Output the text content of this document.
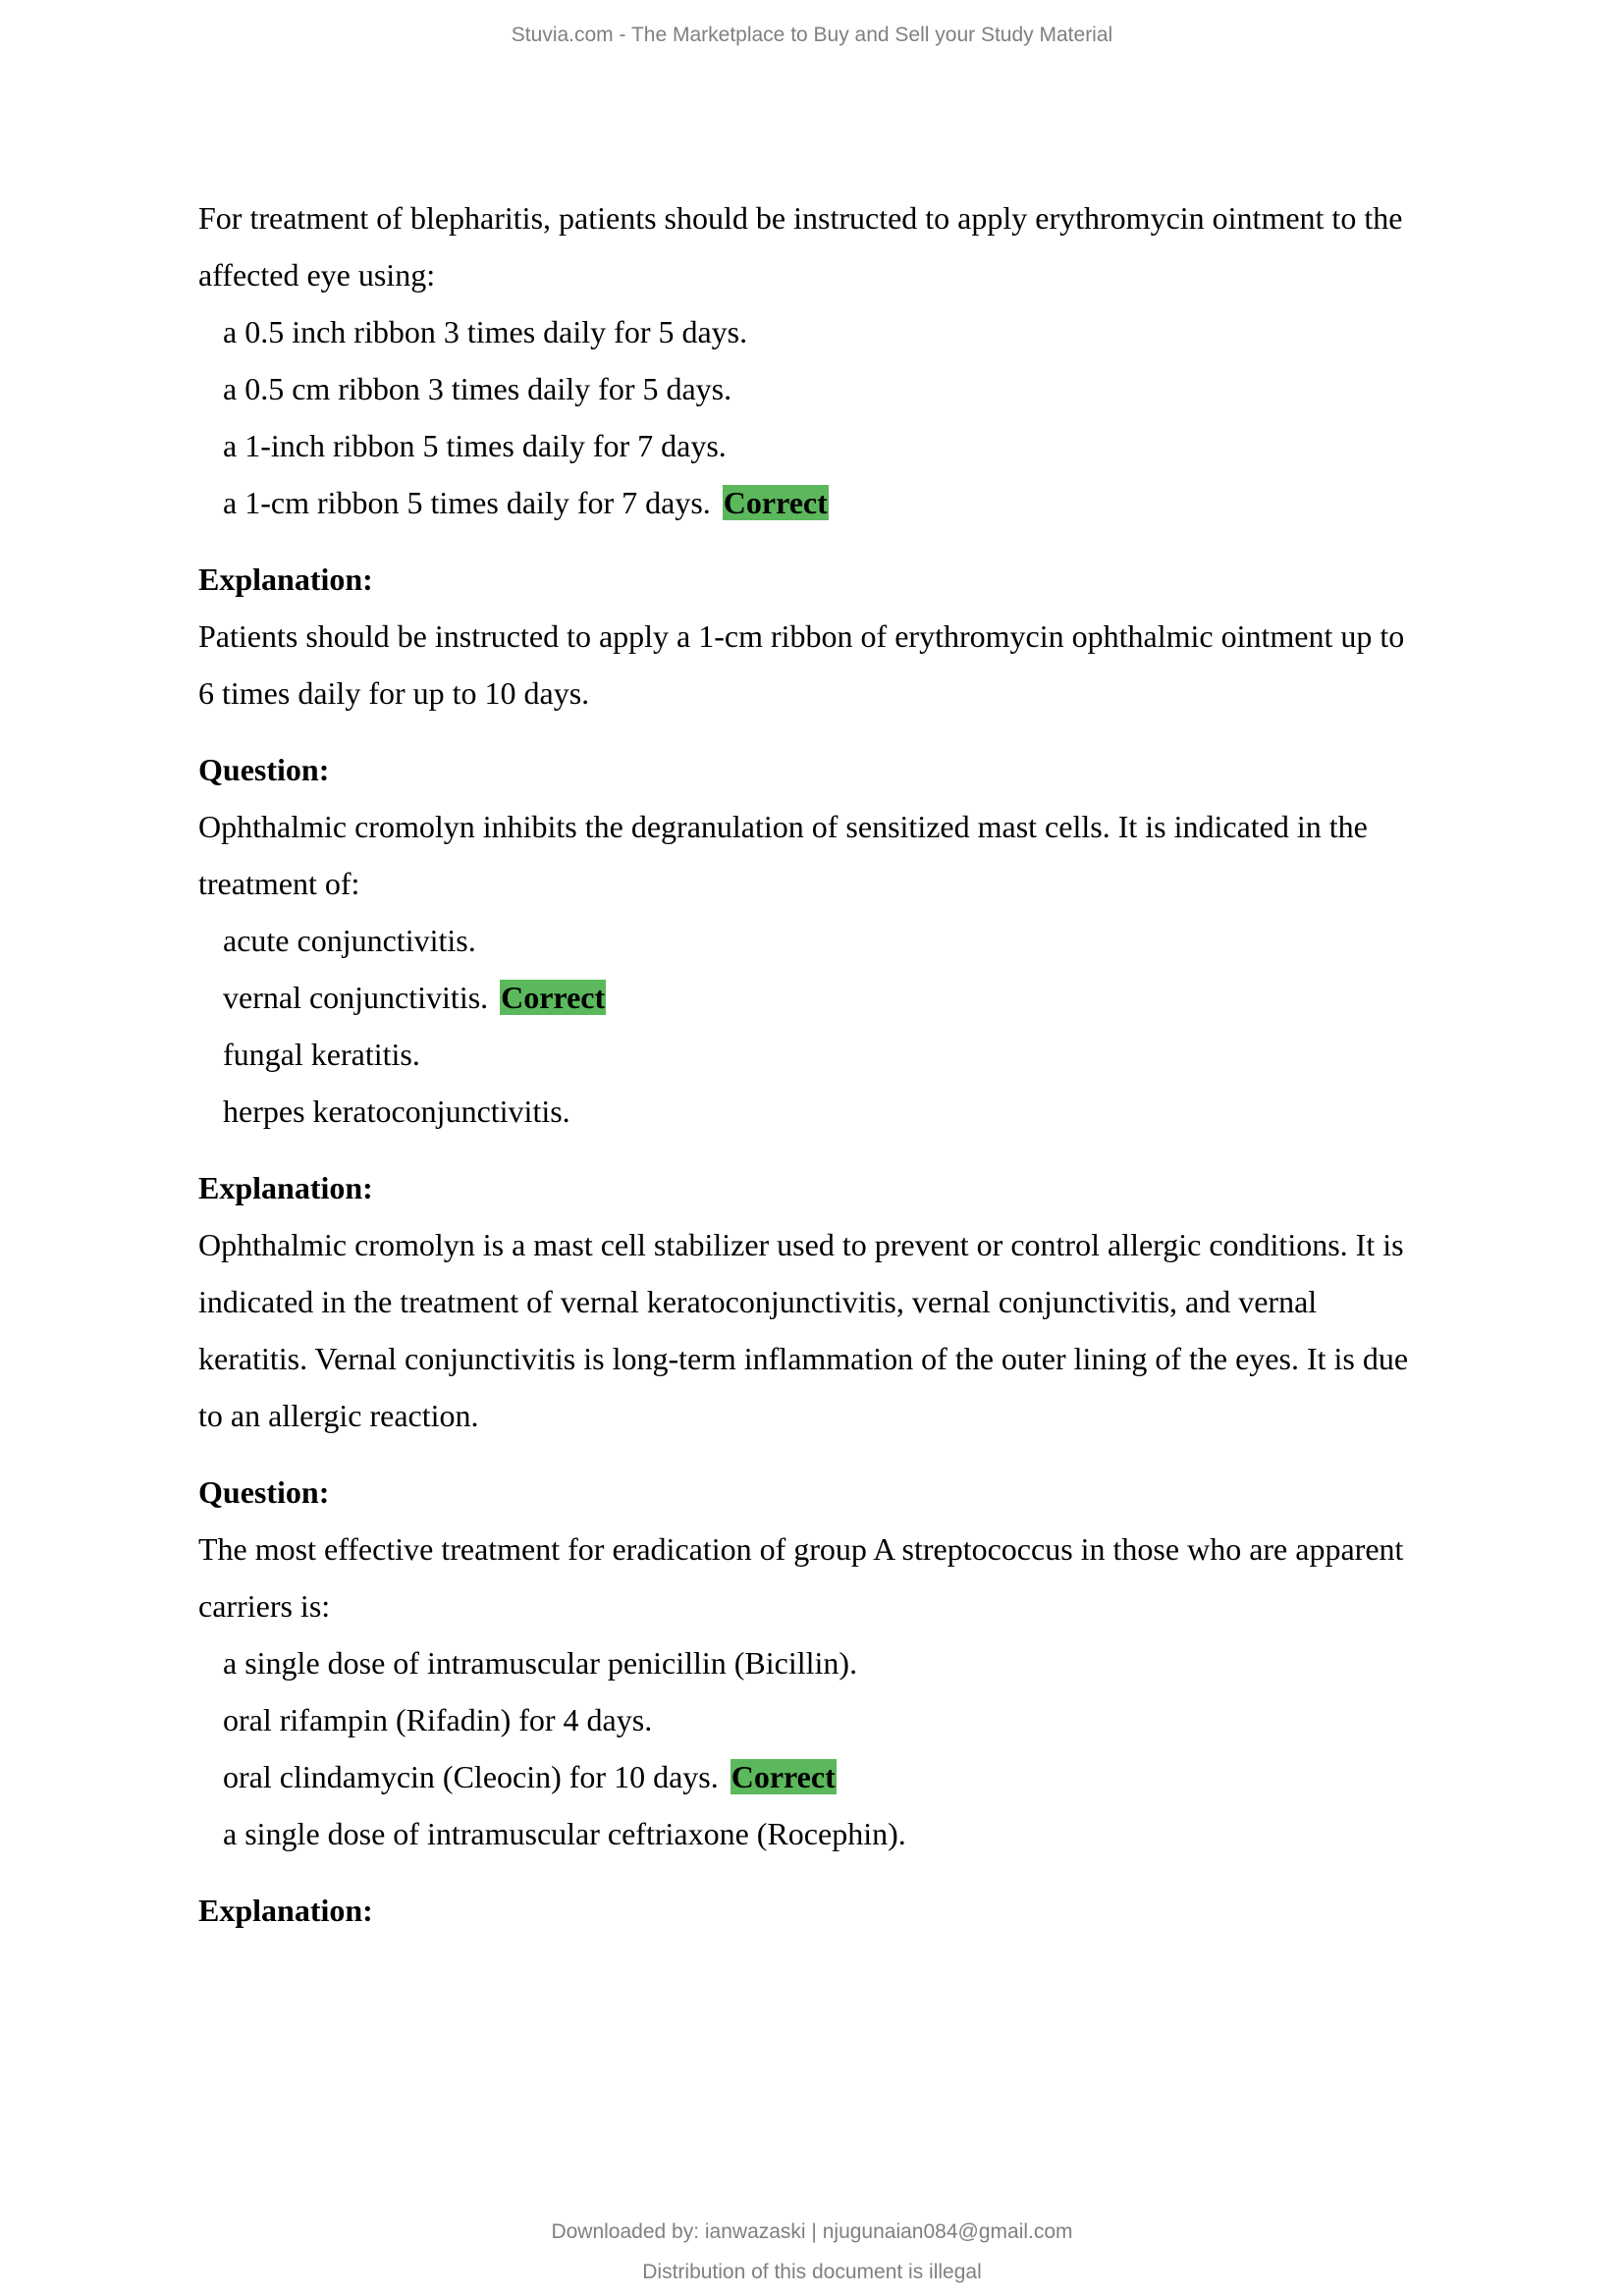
Stuvia.com - The Marketplace to Buy and Sell your Study Material
For treatment of blepharitis, patients should be instructed to apply erythromycin ointment to the
affected eye using:
a 0.5 inch ribbon 3 times daily for 5 days.
a 0.5 cm ribbon 3 times daily for 5 days.
a 1-inch ribbon 5 times daily for 7 days.
a 1-cm ribbon 5 times daily for 7 days. Correct
Explanation:
Patients should be instructed to apply a 1-cm ribbon of erythromycin ophthalmic ointment up to
6 times daily for up to 10 days.
Question:
Ophthalmic cromolyn inhibits the degranulation of sensitized mast cells. It is indicated in the
treatment of:
acute conjunctivitis.
vernal conjunctivitis. Correct
fungal keratitis.
herpes keratoconjunctivitis.
Explanation:
Ophthalmic cromolyn is a mast cell stabilizer used to prevent or control allergic conditions. It is
indicated in the treatment of vernal keratoconjunctivitis, vernal conjunctivitis, and vernal
keratitis. Vernal conjunctivitis is long-term inflammation of the outer lining of the eyes. It is due
to an allergic reaction.
Question:
The most effective treatment for eradication of group A streptococcus in those who are apparent
carriers is:
a single dose of intramuscular penicillin (Bicillin).
oral rifampin (Rifadin) for 4 days.
oral clindamycin (Cleocin) for 10 days. Correct
a single dose of intramuscular ceftriaxone (Rocephin).
Explanation:
Downloaded by: ianwazaski | njugunaian084@gmail.com
Distribution of this document is illegal
